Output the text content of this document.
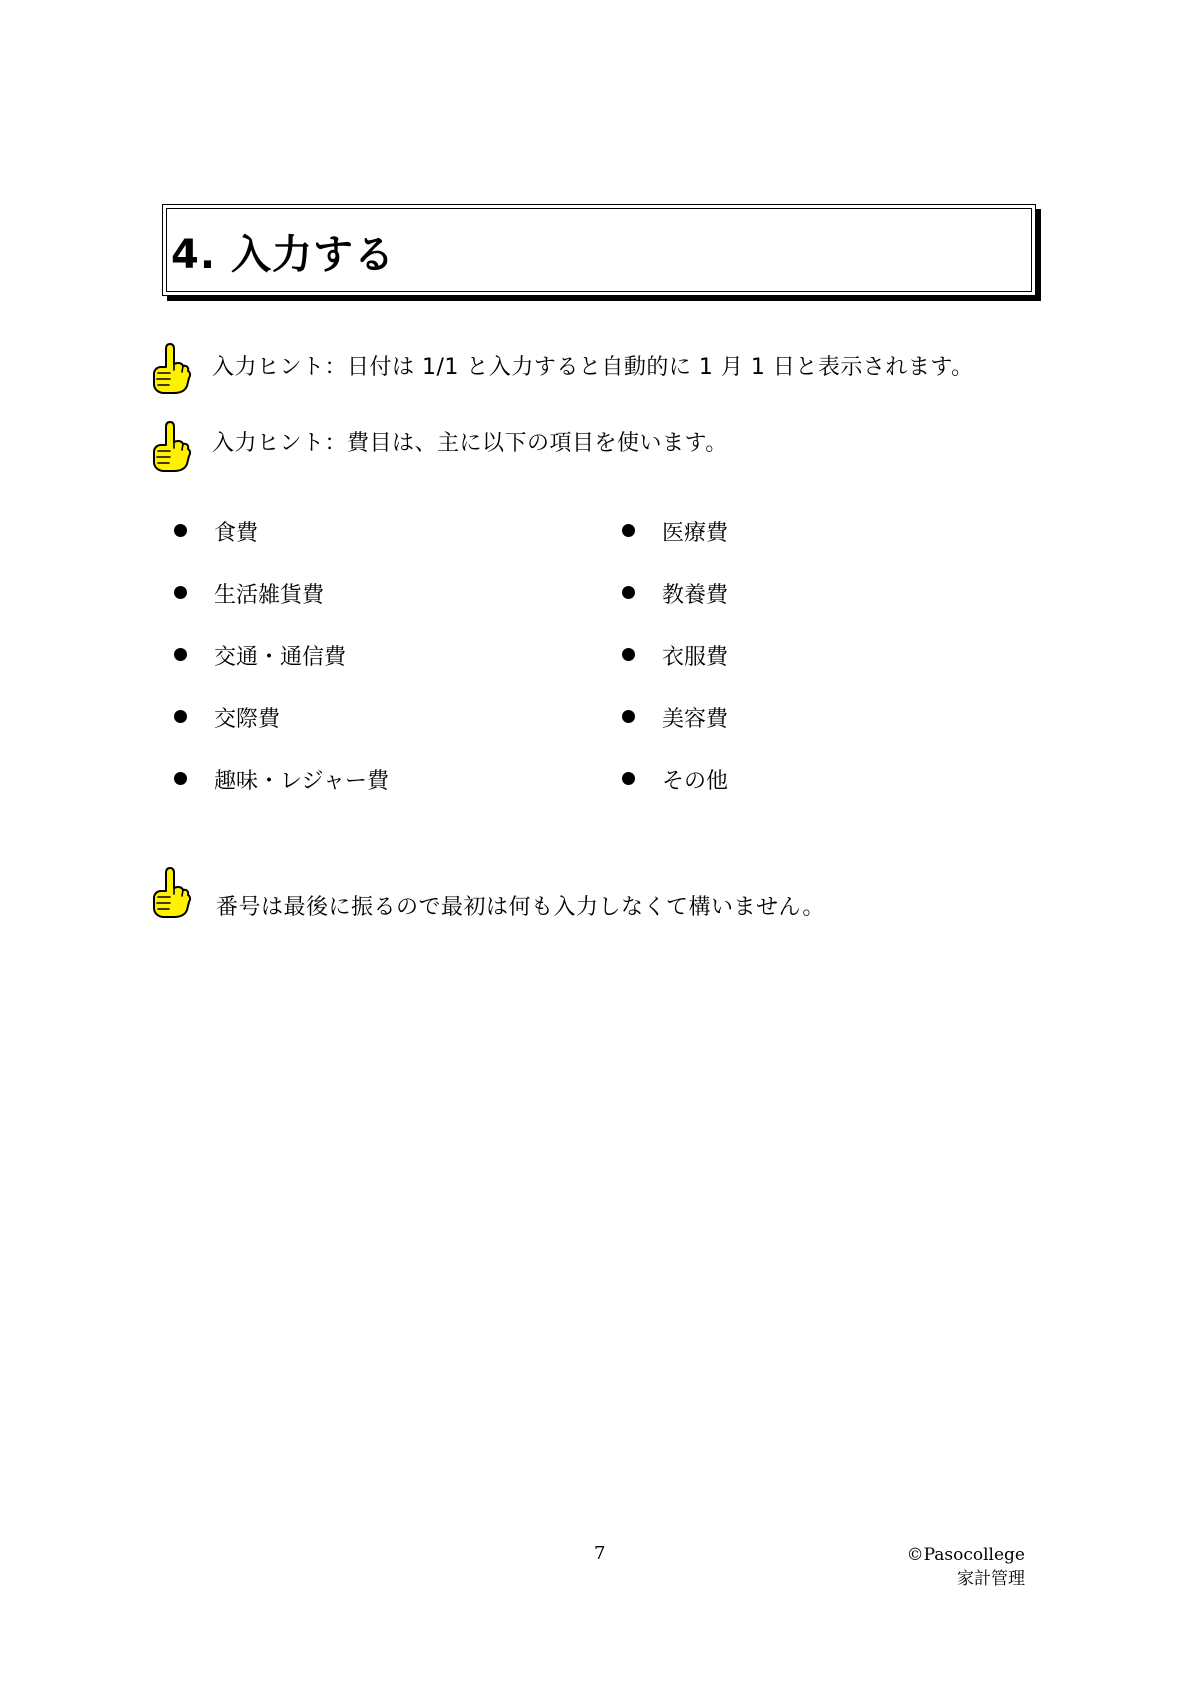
4. 入力する
入力ヒント：日付は 1/1 と入力すると自動的に 1 月 1 日と表示されます。
入力ヒント：費目は、主に以下の項目を使います。
食費
生活雑貨費
交通・通信費
交際費
趣味・レジャー費
医療費
教養費
衣服費
美容費
その他
番号は最後に振るので最初は何も入力しなくて構いません。
7	©Pasocollege
家計管理
